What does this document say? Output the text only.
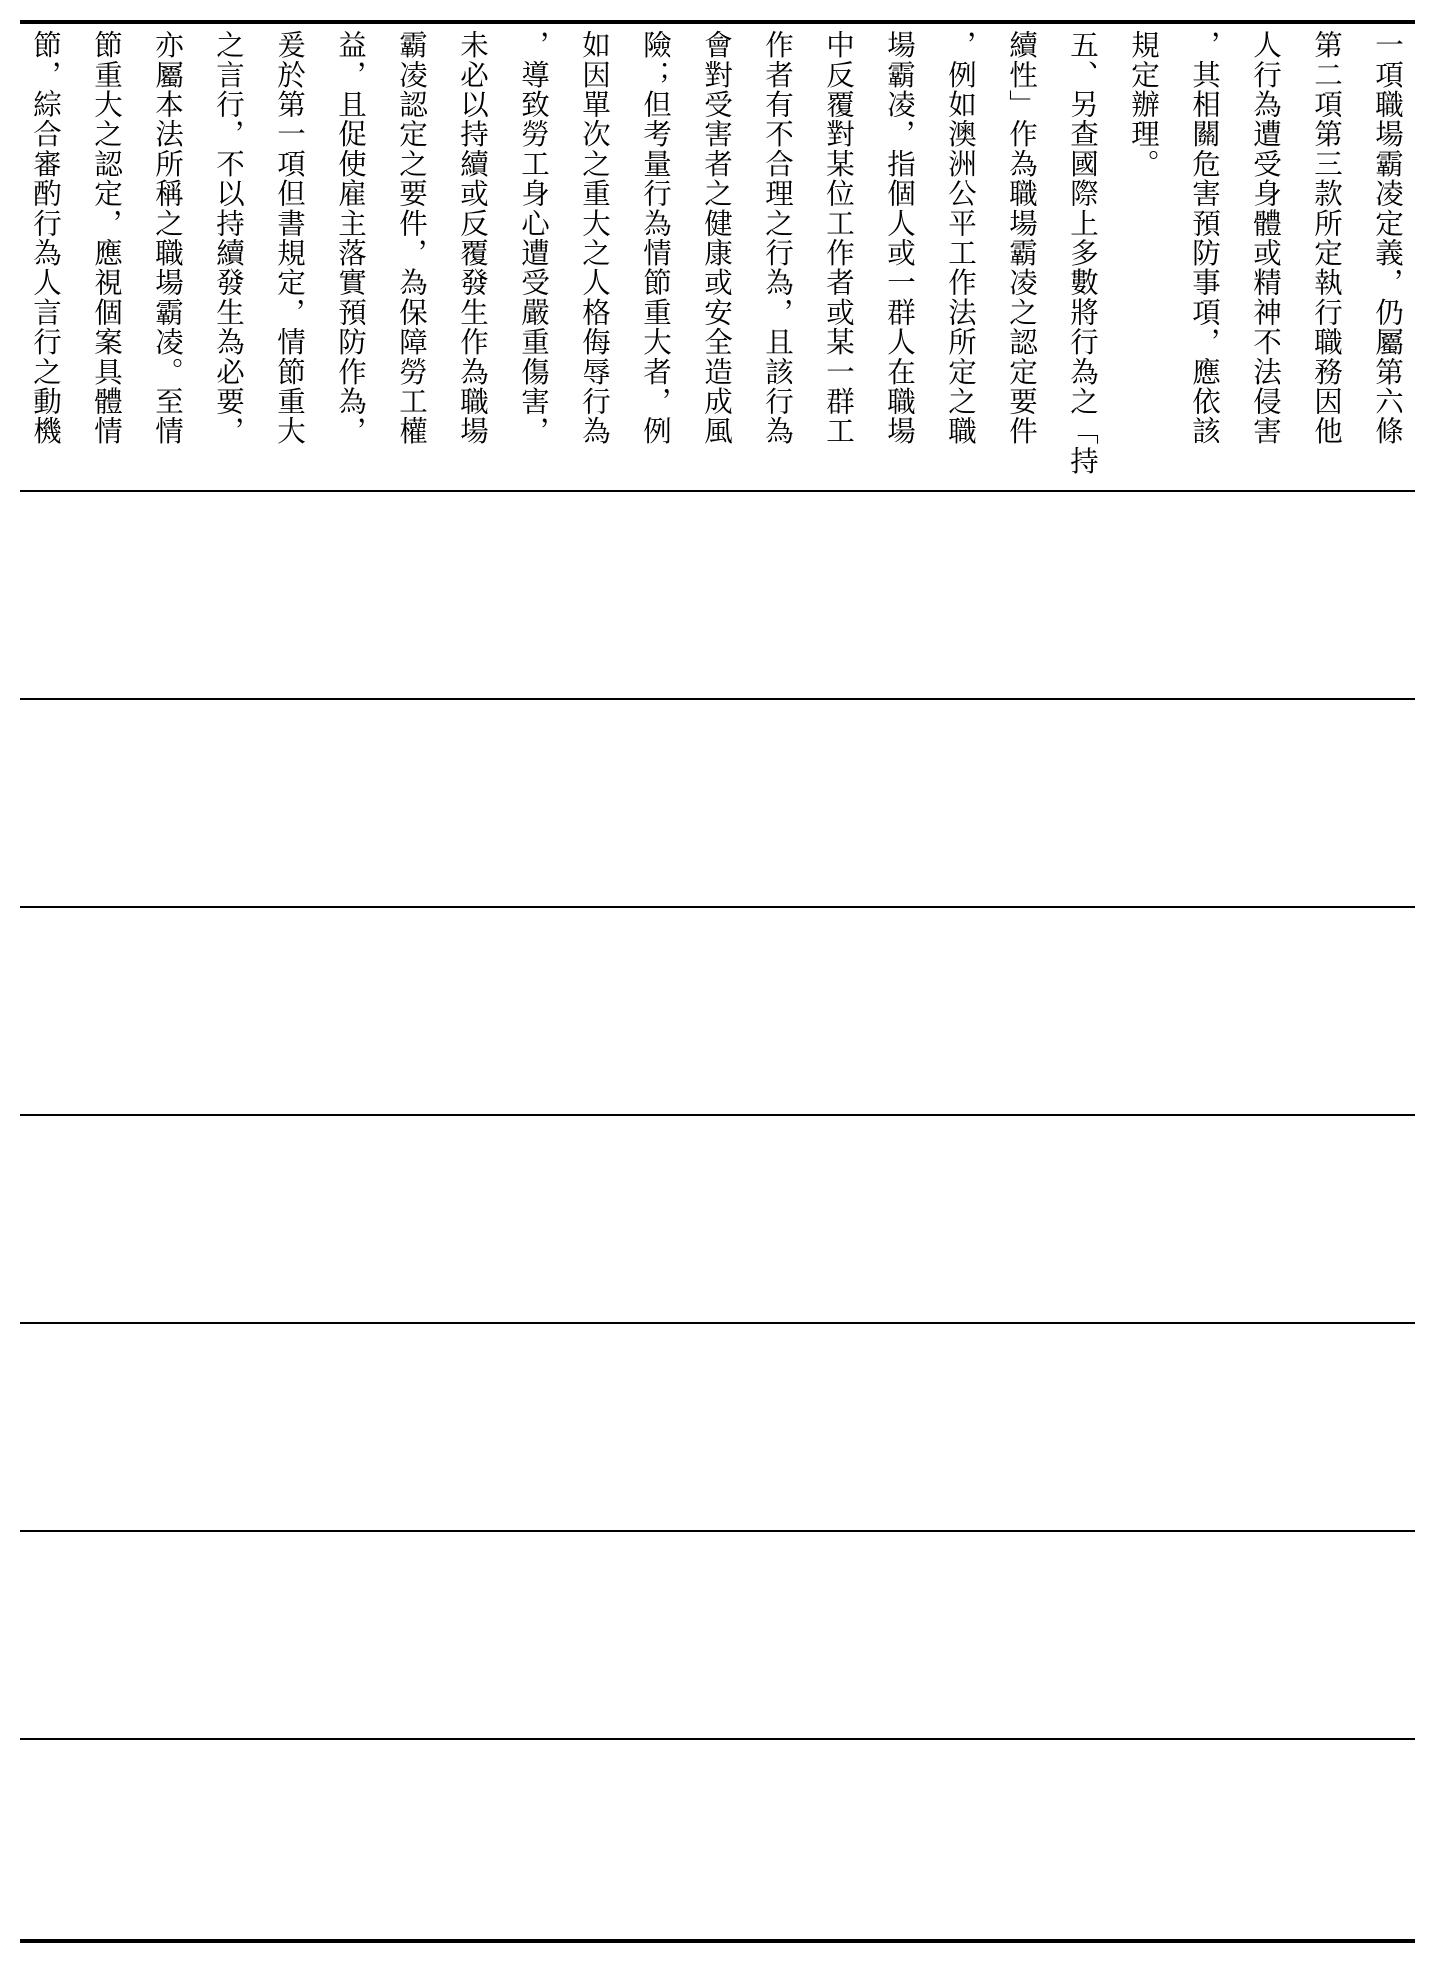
一項職場霸凌定義，仍屬第六條
第二項第三款所定執行職務因他
人行為遭受身體或精神不法侵害
，其相關危害預防事項，應依該
規定辦理。
五、另查國際上多數將行為之「持
續性」作為職場霸凌之認定要件
，例如澳洲公平工作法所定之職
場霸凌，指個人或一群人在職場
中反覆對某位工作者或某一群工
作者有不合理之行為，且該行為
會對受害者之健康或安全造成風
險；但考量行為情節重大者，例
如因單次之重大之人格侮辱行為
，導致勞工身心遭受嚴重傷害，
未必以持續或反覆發生作為職場
霸凌認定之要件，為保障勞工權
益，且促使雇主落實預防作為，
爰於第一項但書規定，情節重大
之言行，不以持續發生為必要，
亦屬本法所稱之職場霸凌。至情
節重大之認定，應視個案具體情
節，綜合審酌行為人言行之動機
